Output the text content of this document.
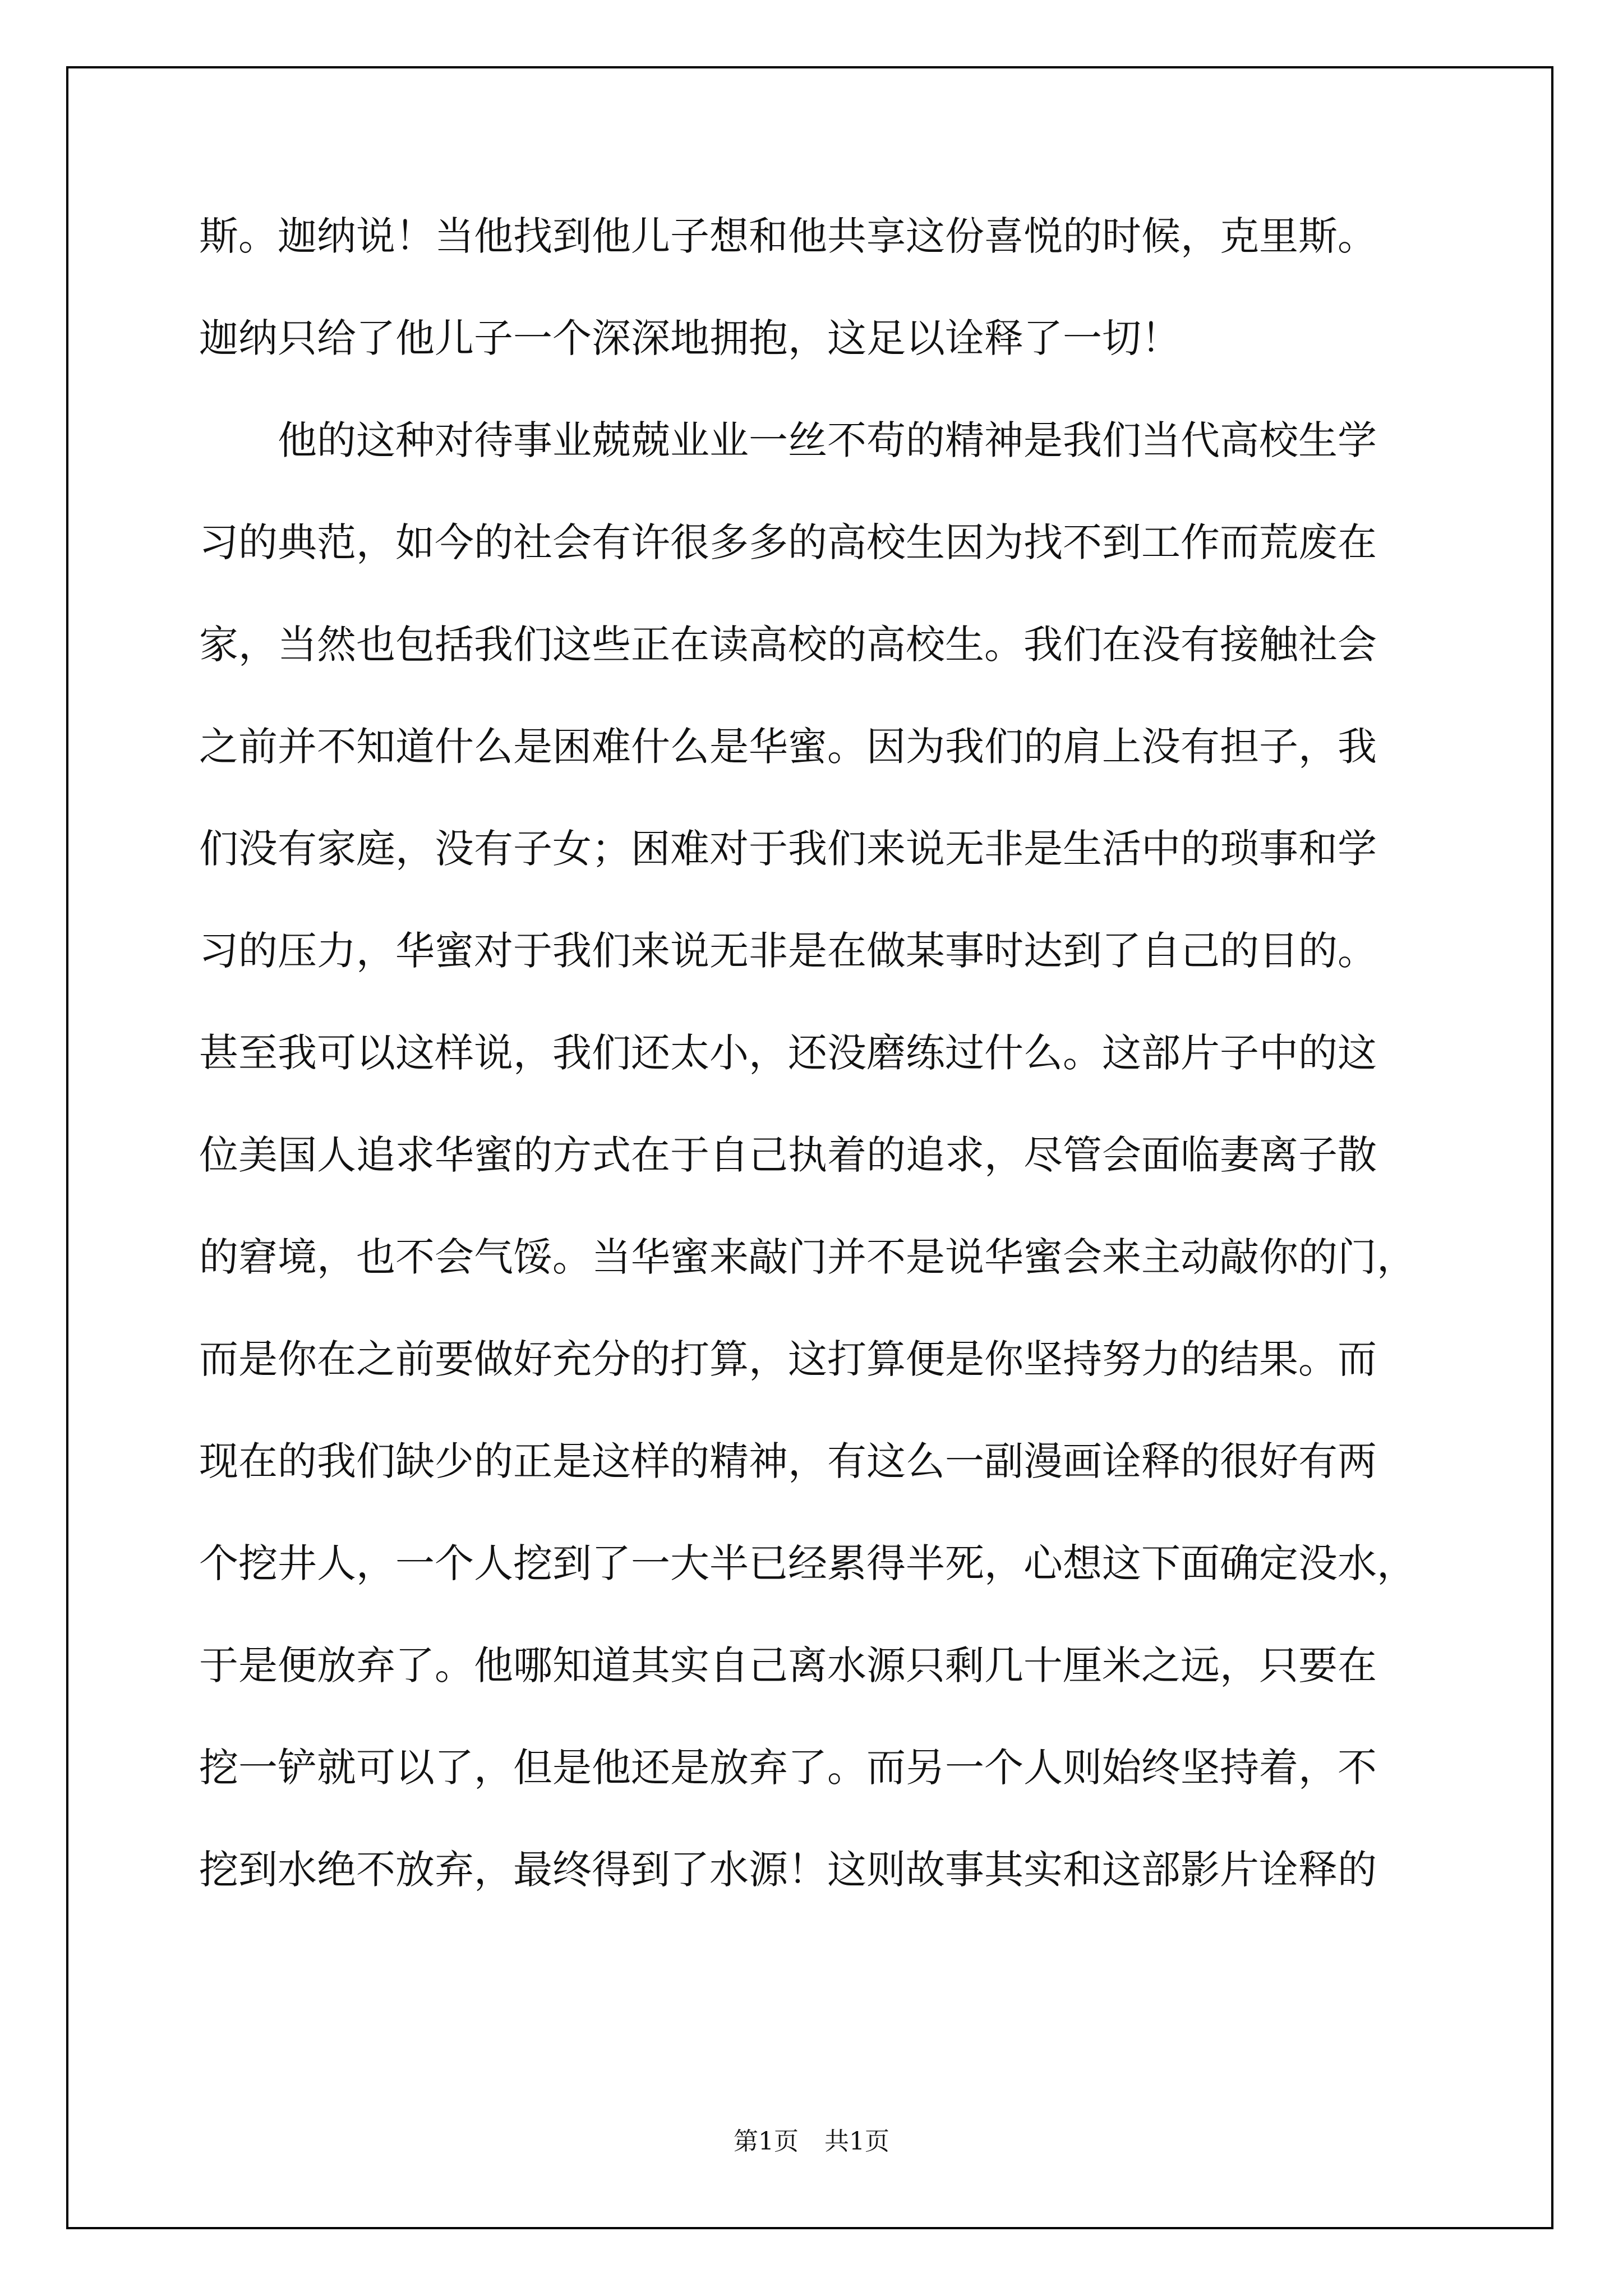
斯。迦纳说！当他找到他儿子想和他共享这份喜悦的时候，克里斯。
迦纳只给了他儿子一个深深地拥抱，这足以诠释了一切！
他的这种对待事业兢兢业业一丝不苟的精神是我们当代高校生学
习的典范，如今的社会有许很多多的高校生因为找不到工作而荒废在
家，当然也包括我们这些正在读高校的高校生。我们在没有接触社会
之前并不知道什么是困难什么是华蜜。因为我们的肩上没有担子，我
们没有家庭，没有子女；困难对于我们来说无非是生活中的琐事和学
习的压力，华蜜对于我们来说无非是在做某事时达到了自己的目的。
甚至我可以这样说，我们还太小，还没磨练过什么。这部片子中的这
位美国人追求华蜜的方式在于自己执着的追求，尽管会面临妻离子散
的窘境，也不会气馁。当华蜜来敲门并不是说华蜜会来主动敲你的门，
而是你在之前要做好充分的打算，这打算便是你坚持努力的结果。而
现在的我们缺少的正是这样的精神，有这么一副漫画诠释的很好有两
个挖井人，一个人挖到了一大半已经累得半死，心想这下面确定没水，
于是便放弃了。他哪知道其实自己离水源只剩几十厘米之远，只要在
挖一铲就可以了，但是他还是放弃了。而另一个人则始终坚持着，不
挖到水绝不放弃，最终得到了水源！这则故事其实和这部影片诠释的
第1页 共1页
